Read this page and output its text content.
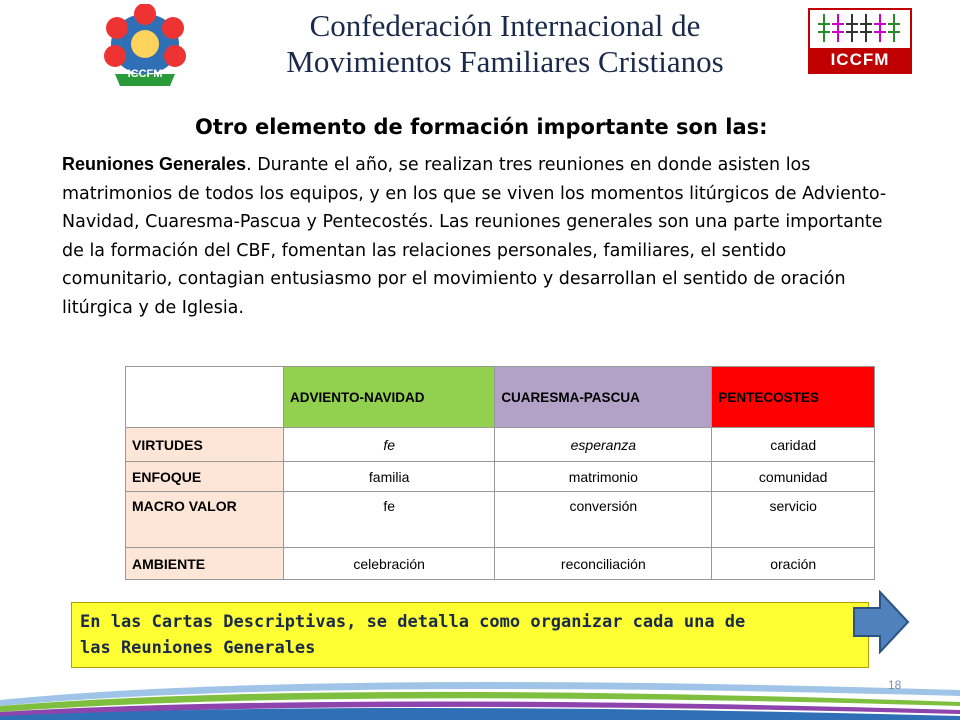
ICCFM
Confederación Internacional de
Movimientos Familiares Cristianos	ICCFM
Otro elemento de formación importante son las:
Reuniones Generales. Durante el año, se realizan tres reuniones en donde asisten los matrimonios de todos los equipos, y en los que se viven los momentos litúrgicos de Adviento- Navidad, Cuaresma-Pascua y Pentecostés. Las reuniones generales son una parte importante de la formación del CBF, fomentan las relaciones personales, familiares, el sentido comunitario, contagian entusiasmo por el movimiento y desarrollan el sentido de oración litúrgica y de Iglesia.
	ADVIENTO-NAVIDAD	CUARESMA-PASCUA	PENTECOSTES
VIRTUDES	fe	esperanza	caridad
ENFOQUE	familia	matrimonio	comunidad
MACRO VALOR	fe	conversión	servicio
AMBIENTE	celebración	reconciliación	oración
En las Cartas Descriptivas, se detalla como organizar cada una de
las Reuniones Generales
18
